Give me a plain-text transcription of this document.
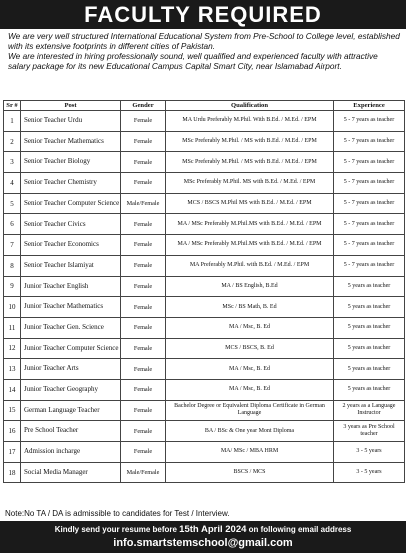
FACULTY REQUIRED

We are very well structured International Educational System from Pre-School to College level, established with its extensive footprints in different cities of Pakistan.

We are interested in hiring professionally sound, well qualified and experienced faculty with attractive salary package for its new Educational Campus Capital Smart City, near Islamabad Airport.

Sr #	Post	Gender	Qualification	Experience
1	Senior Teacher Urdu	Female	MA Urdu Preferably M.Phil. With B.Ed. / M.Ed. / EPM	5 - 7 years as teacher
2	Senior Teacher Mathematics	Female	MSc Preferably M.Phil. / MS with B.Ed. / M.Ed. / EPM	5 - 7 years as teacher
3	Senior Teacher Biology	Female	MSc Preferably M.Phil. / MS with B.Ed. / M.Ed. / EPM	5 - 7 years as teacher
4	Senior Teacher Chemistry	Female	MSc Preferably M.Phil. MS with B.Ed. / M.Ed. / EPM	5 - 7 years as teacher
5	Senior Teacher Computer Science	Male/Female	MCS / BSCS M.Phil MS with B.Ed. / M.Ed. / EPM	5 - 7 years as teacher
6	Senior Teacher Civics	Female	MA / MSc Preferably M.Phil.MS with B.Ed. / M.Ed. / EPM	5 - 7 years as teacher
7	Senior Teacher Economics	Female	MA / MSc Preferably M.Phil.MS with B.Ed. / M.Ed. / EPM	5 - 7 years as teacher
8	Senior Teacher Islamiyat	Female	MA Preferably M.Phil. with B.Ed. / M.Ed. / EPM	5 - 7 years as teacher
9	Junior Teacher English	Female	MA / BS English, B.Ed	5 years as teacher
10	Junior Teacher Mathematics	Female	MSc / BS Math, B. Ed	5 years as teacher
11	Junior Teacher Gen. Science	Female	MA / Msc, B. Ed	5 years as teacher
12	Junior Teacher Computer Science	Female	MCS / BSCS, B. Ed	5 years as teacher
13	Junior Teacher Arts	Female	MA / Msc, B. Ed	5 years as teacher
14	Junior Teacher Geography	Female	MA / Msc, B. Ed	5 years as teacher
15	German Language Teacher	Female	Bachelor Degree or Equivalent Diploma Certificate in German Language	2 years as a Language Instructor
16	Pre School Teacher	Female	BA / BSc & One year Mont Diploma	3 years as Pre School teacher
17	Admission incharge	Female	MA/ MSc / MBA HRM	3 - 5 years
18	Social Media Manager	Male/Female	BSCS / MCS	3 - 5 years
Note:No TA / DA is admissible to candidates for Test / Interview.
Kindly send your resume before 15th April 2024 on following email address
info.smartstemschool@gmail.com
